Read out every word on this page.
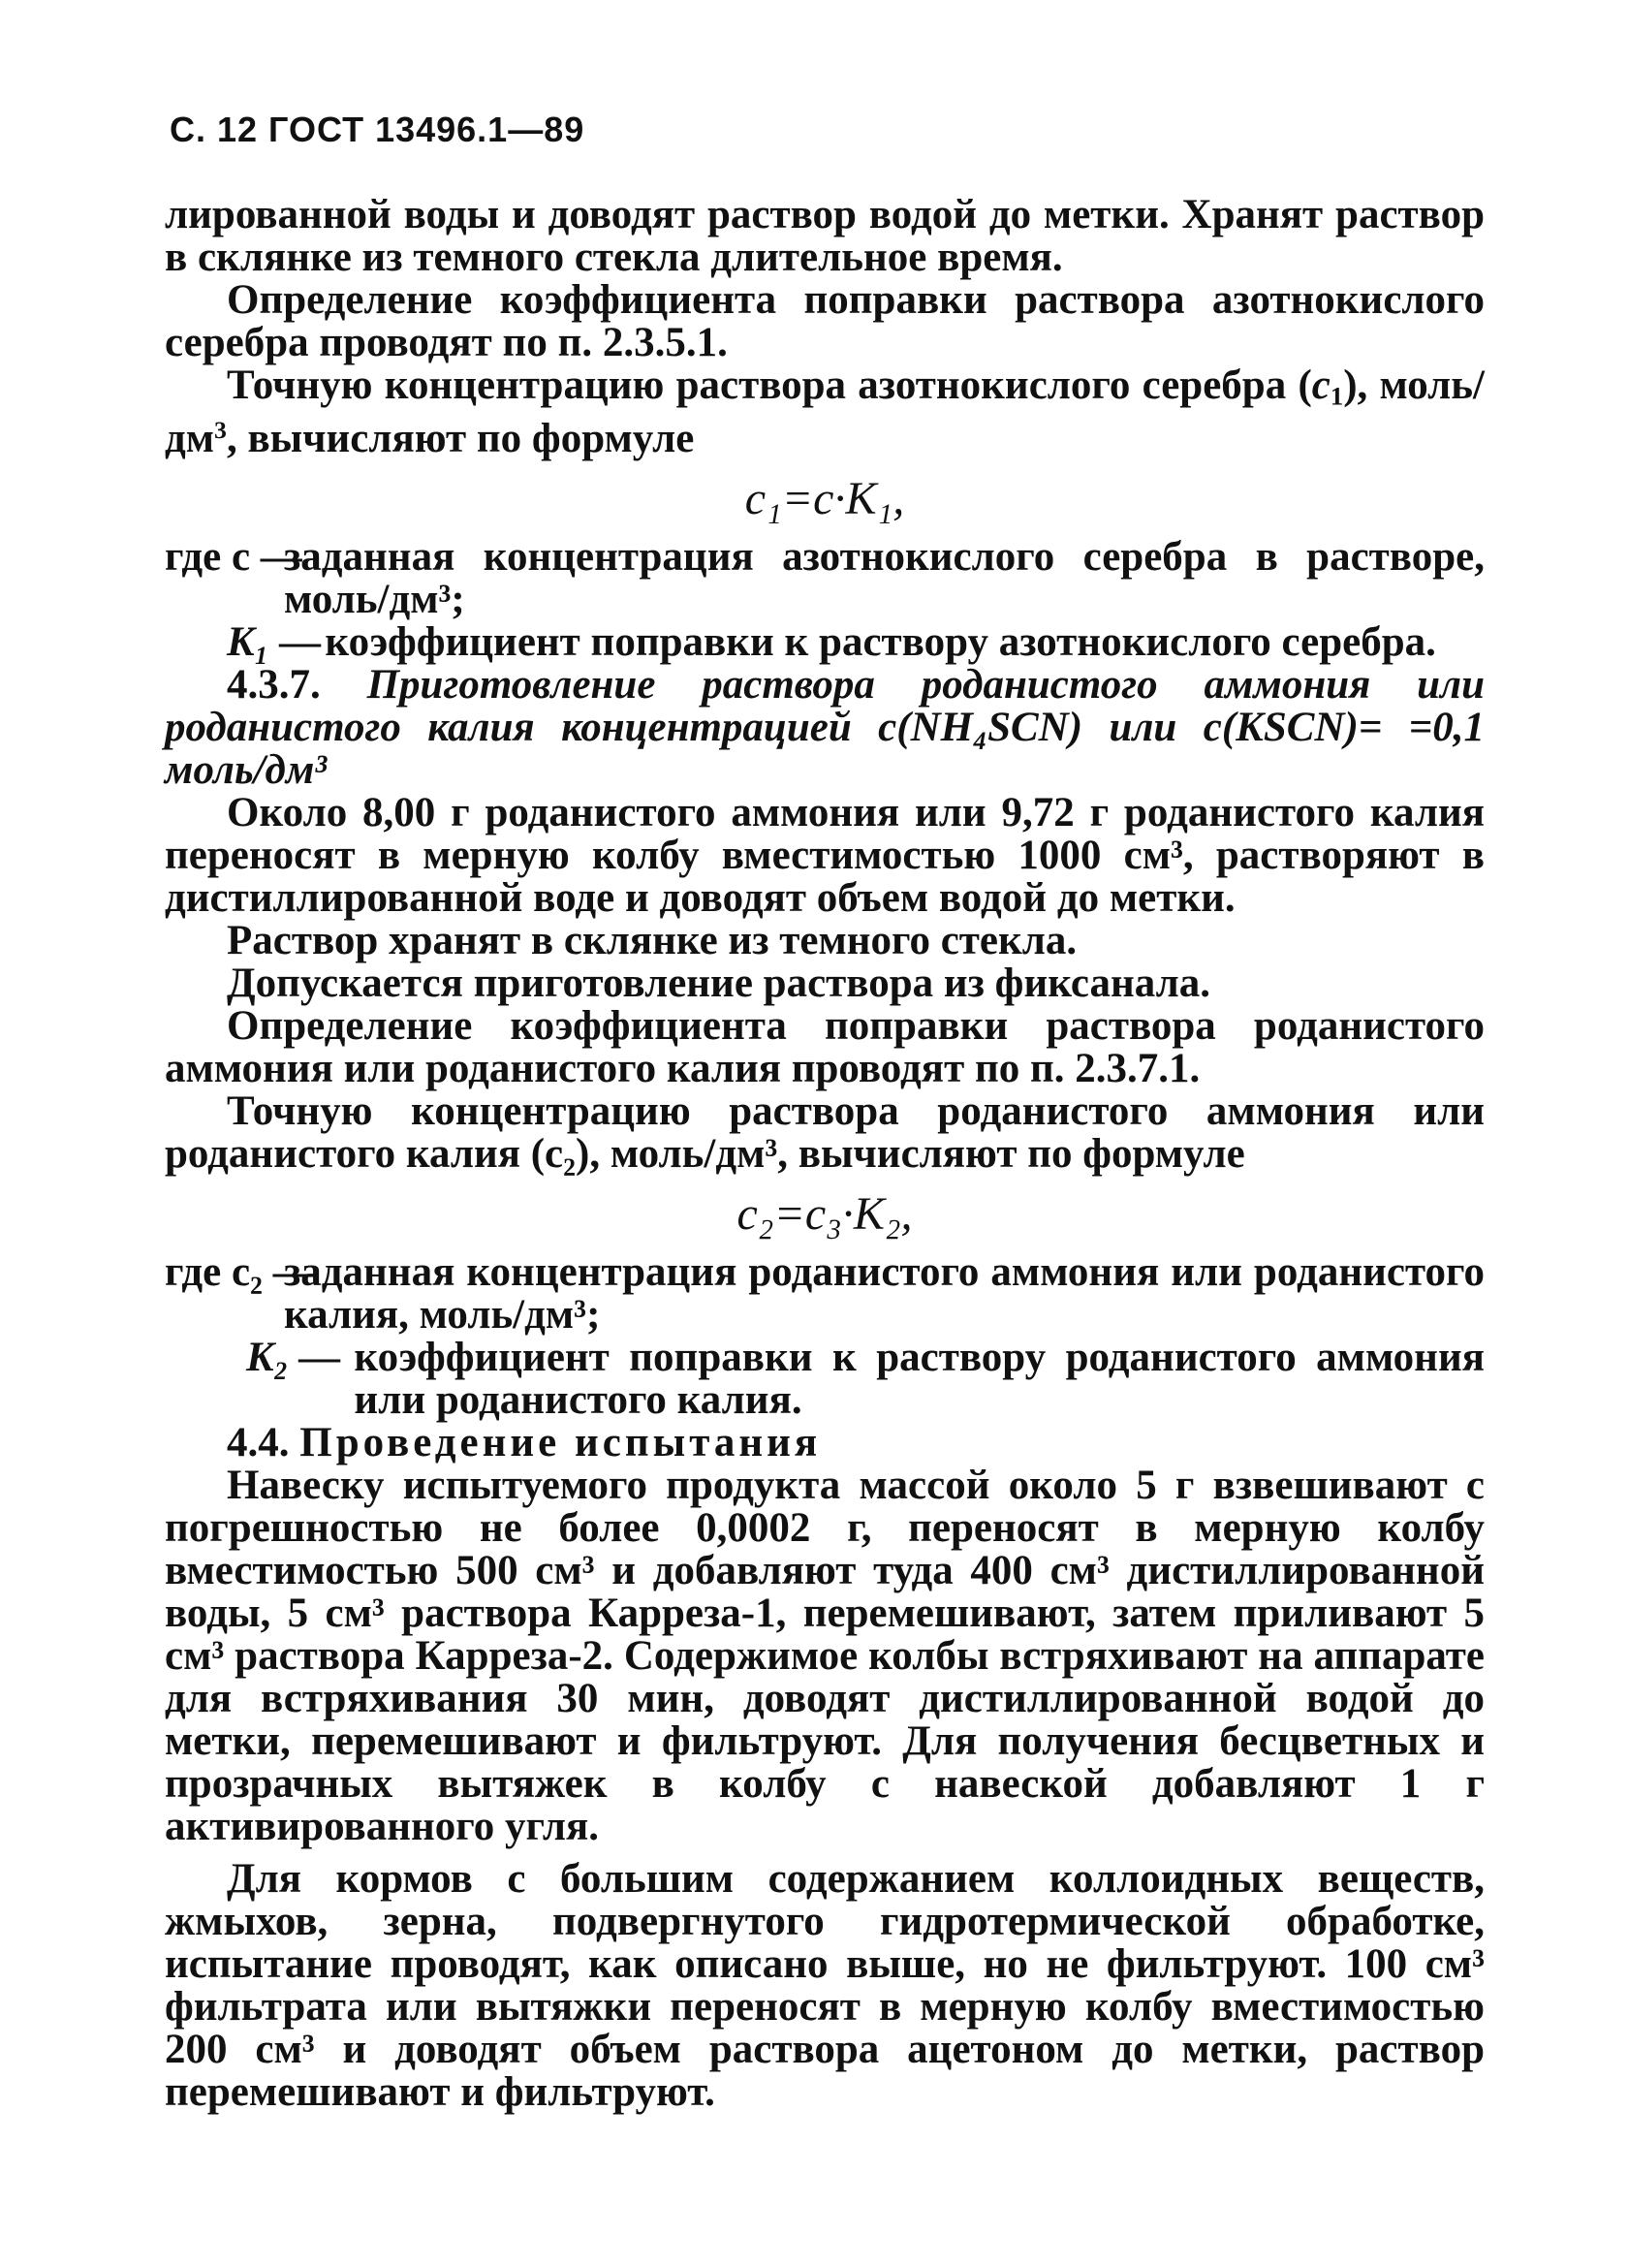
С. 12 ГОСТ 13496.1—89
лированной воды и доводят раствор водой до метки. Хранят раствор в склянке из темного стекла длительное время.
Определение коэффициента поправки раствора азотнокислого серебра проводят по п. 2.3.5.1.
Точную концентрацию раствора азотнокислого серебра $(c_1)$, моль/$дм^3$, вычисляют по формуле
c₁=c·K₁,
где c —
заданная концентрация азотнокислого серебра в растворе, моль/дм³;
K₁ — коэффициент поправки к раствору азотнокислого серебра.
4.3.7. Приготовление раствора роданистого аммония или роданистого калия концентрацией c(NH₄SCN) или c(KSCN)= =0,1 моль/дм³
Около 8,00 г роданистого аммония или 9,72 г роданистого калия переносят в мерную колбу вместимостью 1000 см³, растворяют в дистиллированной воде и доводят объем водой до метки.
Раствор хранят в склянке из темного стекла.
Допускается приготовление раствора из фиксанала.
Определение коэффициента поправки раствора роданистого аммония или роданистого калия проводят по п. 2.3.7.1.
Точную концентрацию раствора роданистого аммония или роданистого калия (c₂), моль/дм³, вычисляют по формуле
c₂=c₃·K₂,
где c₂ —
заданная концентрация роданистого аммония или роданистого калия, моль/дм³;
K₂ — коэффициент поправки к раствору роданистого аммония или роданистого калия.
4.4. Проведение испытания
Навеску испытуемого продукта массой около 5 г взвешивают с погрешностью не более 0,0002 г, переносят в мерную колбу вместимостью 500 см³ и добавляют туда 400 см³ дистиллированной воды, 5 см³ раствора Карреза-1, перемешивают, затем приливают 5 см³ раствора Карреза-2. Содержимое колбы встряхивают на аппарате для встряхивания 30 мин, доводят дистиллированной водой до метки, перемешивают и фильтруют. Для получения бесцветных и прозрачных вытяжек в колбу с навеской добавляют 1 г активированного угля.
Для кормов с большим содержанием коллоидных веществ, жмыхов, зерна, подвергнутого гидротермической обработке, испытание проводят, как описано выше, но не фильтруют. 100 см³ фильтрата или вытяжки переносят в мерную колбу вместимостью 200 см³ и доводят объем раствора ацетоном до метки, раствор перемешивают и фильтруют.
